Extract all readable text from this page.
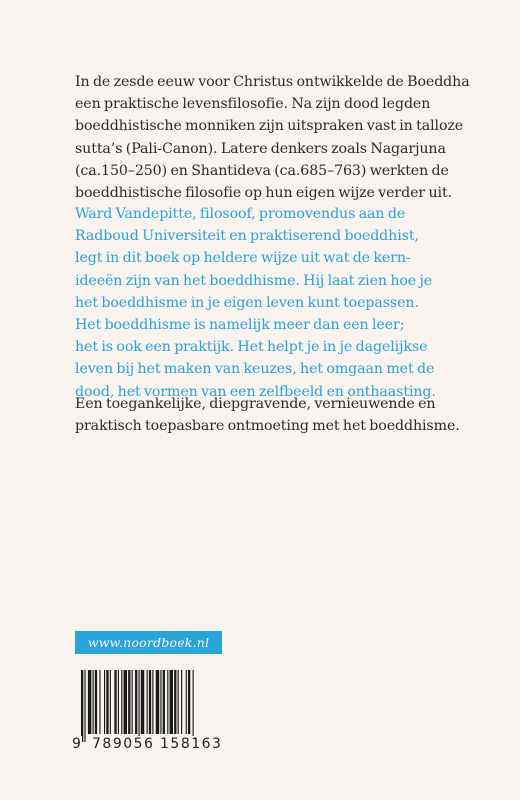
In de zesde eeuw voor Christus ontwikkelde de Boeddha

een praktische levensfilosofie. Na zijn dood legden

boeddhistische monniken zijn uitspraken vast in talloze

sutta’s (Pali-Canon). Latere denkers zoals Nagarjuna

(ca.150–250) en Shantideva (ca.685–763) werkten de

boeddhistische filosofie op hun eigen wijze verder uit.

Ward Vandepitte, filosoof, promovendus aan de

Radboud Universiteit en praktiserend boeddhist,

legt in dit boek op heldere wijze uit wat de kern-

ideeën zijn van het boeddhisme. Hij laat zien hoe je

het boeddhisme in je eigen leven kunt toepassen.

Het boeddhisme is namelijk meer dan een leer;

het is ook een praktijk. Het helpt je in je dagelijkse

leven bij het maken van keuzes, het omgaan met de

dood, het vormen van een zelfbeeld en onthaasting.

Een toegankelijke, diepgravende, vernieuwende en

praktisch toepasbare ontmoeting met het boeddhisme.

www.noordboek.nl
9 789056 158163
